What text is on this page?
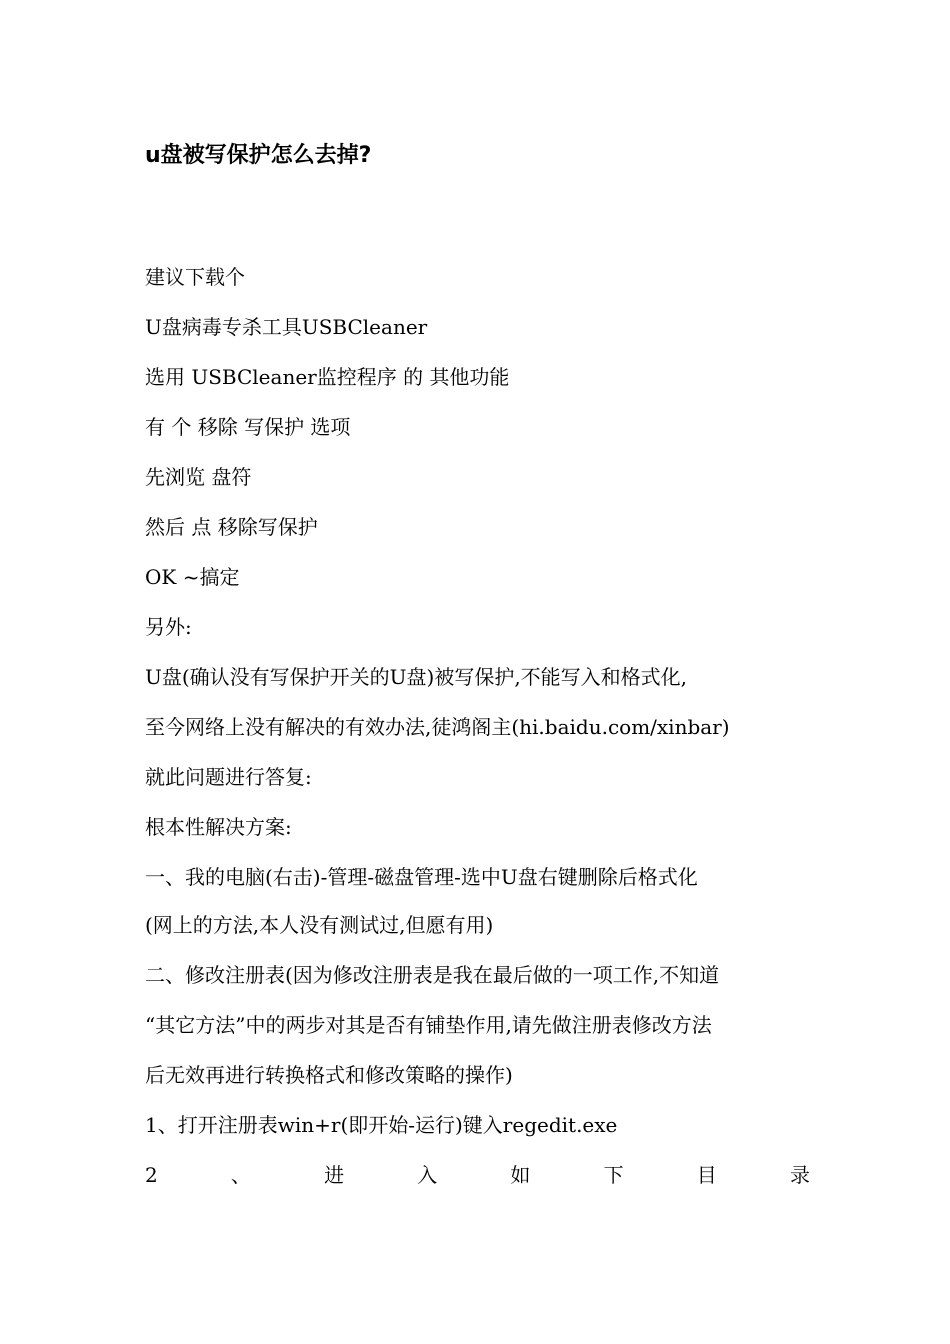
u盘被写保护怎么去掉?
建议下载个
U盘病毒专杀工具USBCleaner
选用 USBCleaner监控程序 的 其他功能
有 个 移除 写保护 选项
先浏览 盘符
然后 点 移除写保护
OK ~搞定
另外:
U盘(确认没有写保护开关的U盘)被写保护,不能写入和格式化,
至今网络上没有解决的有效办法,徒鸿阁主(hi.baidu.com/xinbar)
就此问题进行答复:
根本性解决方案:
一、我的电脑(右击)-管理-磁盘管理-选中U盘右键删除后格式化
(网上的方法,本人没有测试过,但愿有用)
二、修改注册表(因为修改注册表是我在最后做的一项工作,不知道
“其它方法”中的两步对其是否有铺垫作用,请先做注册表修改方法
后无效再进行转换格式和修改策略的操作)
1、打开注册表win+r(即开始-运行)键入regedit.exe
2	、	进	入	如	下	目	录
